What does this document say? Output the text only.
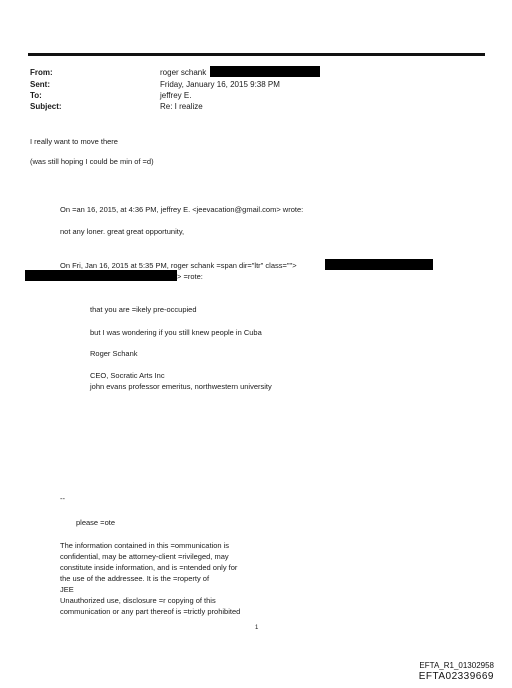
From:
Sent:
To:
Subject:
roger schank
Friday, January 16, 2015 9:38 PM
jeffrey E.
Re: I realize
I really want to move there
(was still hoping I could be min of =d)
On =an 16, 2015, at 4:36 PM, jeffrey E. <jeevacation@gmail.com> wrote:
not any loner. great great opportunity,
On Fri, Jan 16, 2015 at 5:35 PM, roger schank =span dir="ltr" class="">
> =rote:
that you are =ikely pre-occupied
but I was wondering if you still knew people in Cuba
Roger Schank
CEO, Socratic Arts Inc
john evans professor emeritus, northwestern university
--
please =ote
The information contained in this =ommunication is
confidential, may be attorney-client =rivileged, may
constitute inside information, and is =ntended only for
the use of the addressee. It is the =roperty of
JEE
Unauthorized use, disclosure =r copying of this
communication or any part thereof is =trictly prohibited
1
EFTA_R1_01302958
EFTA02339669
